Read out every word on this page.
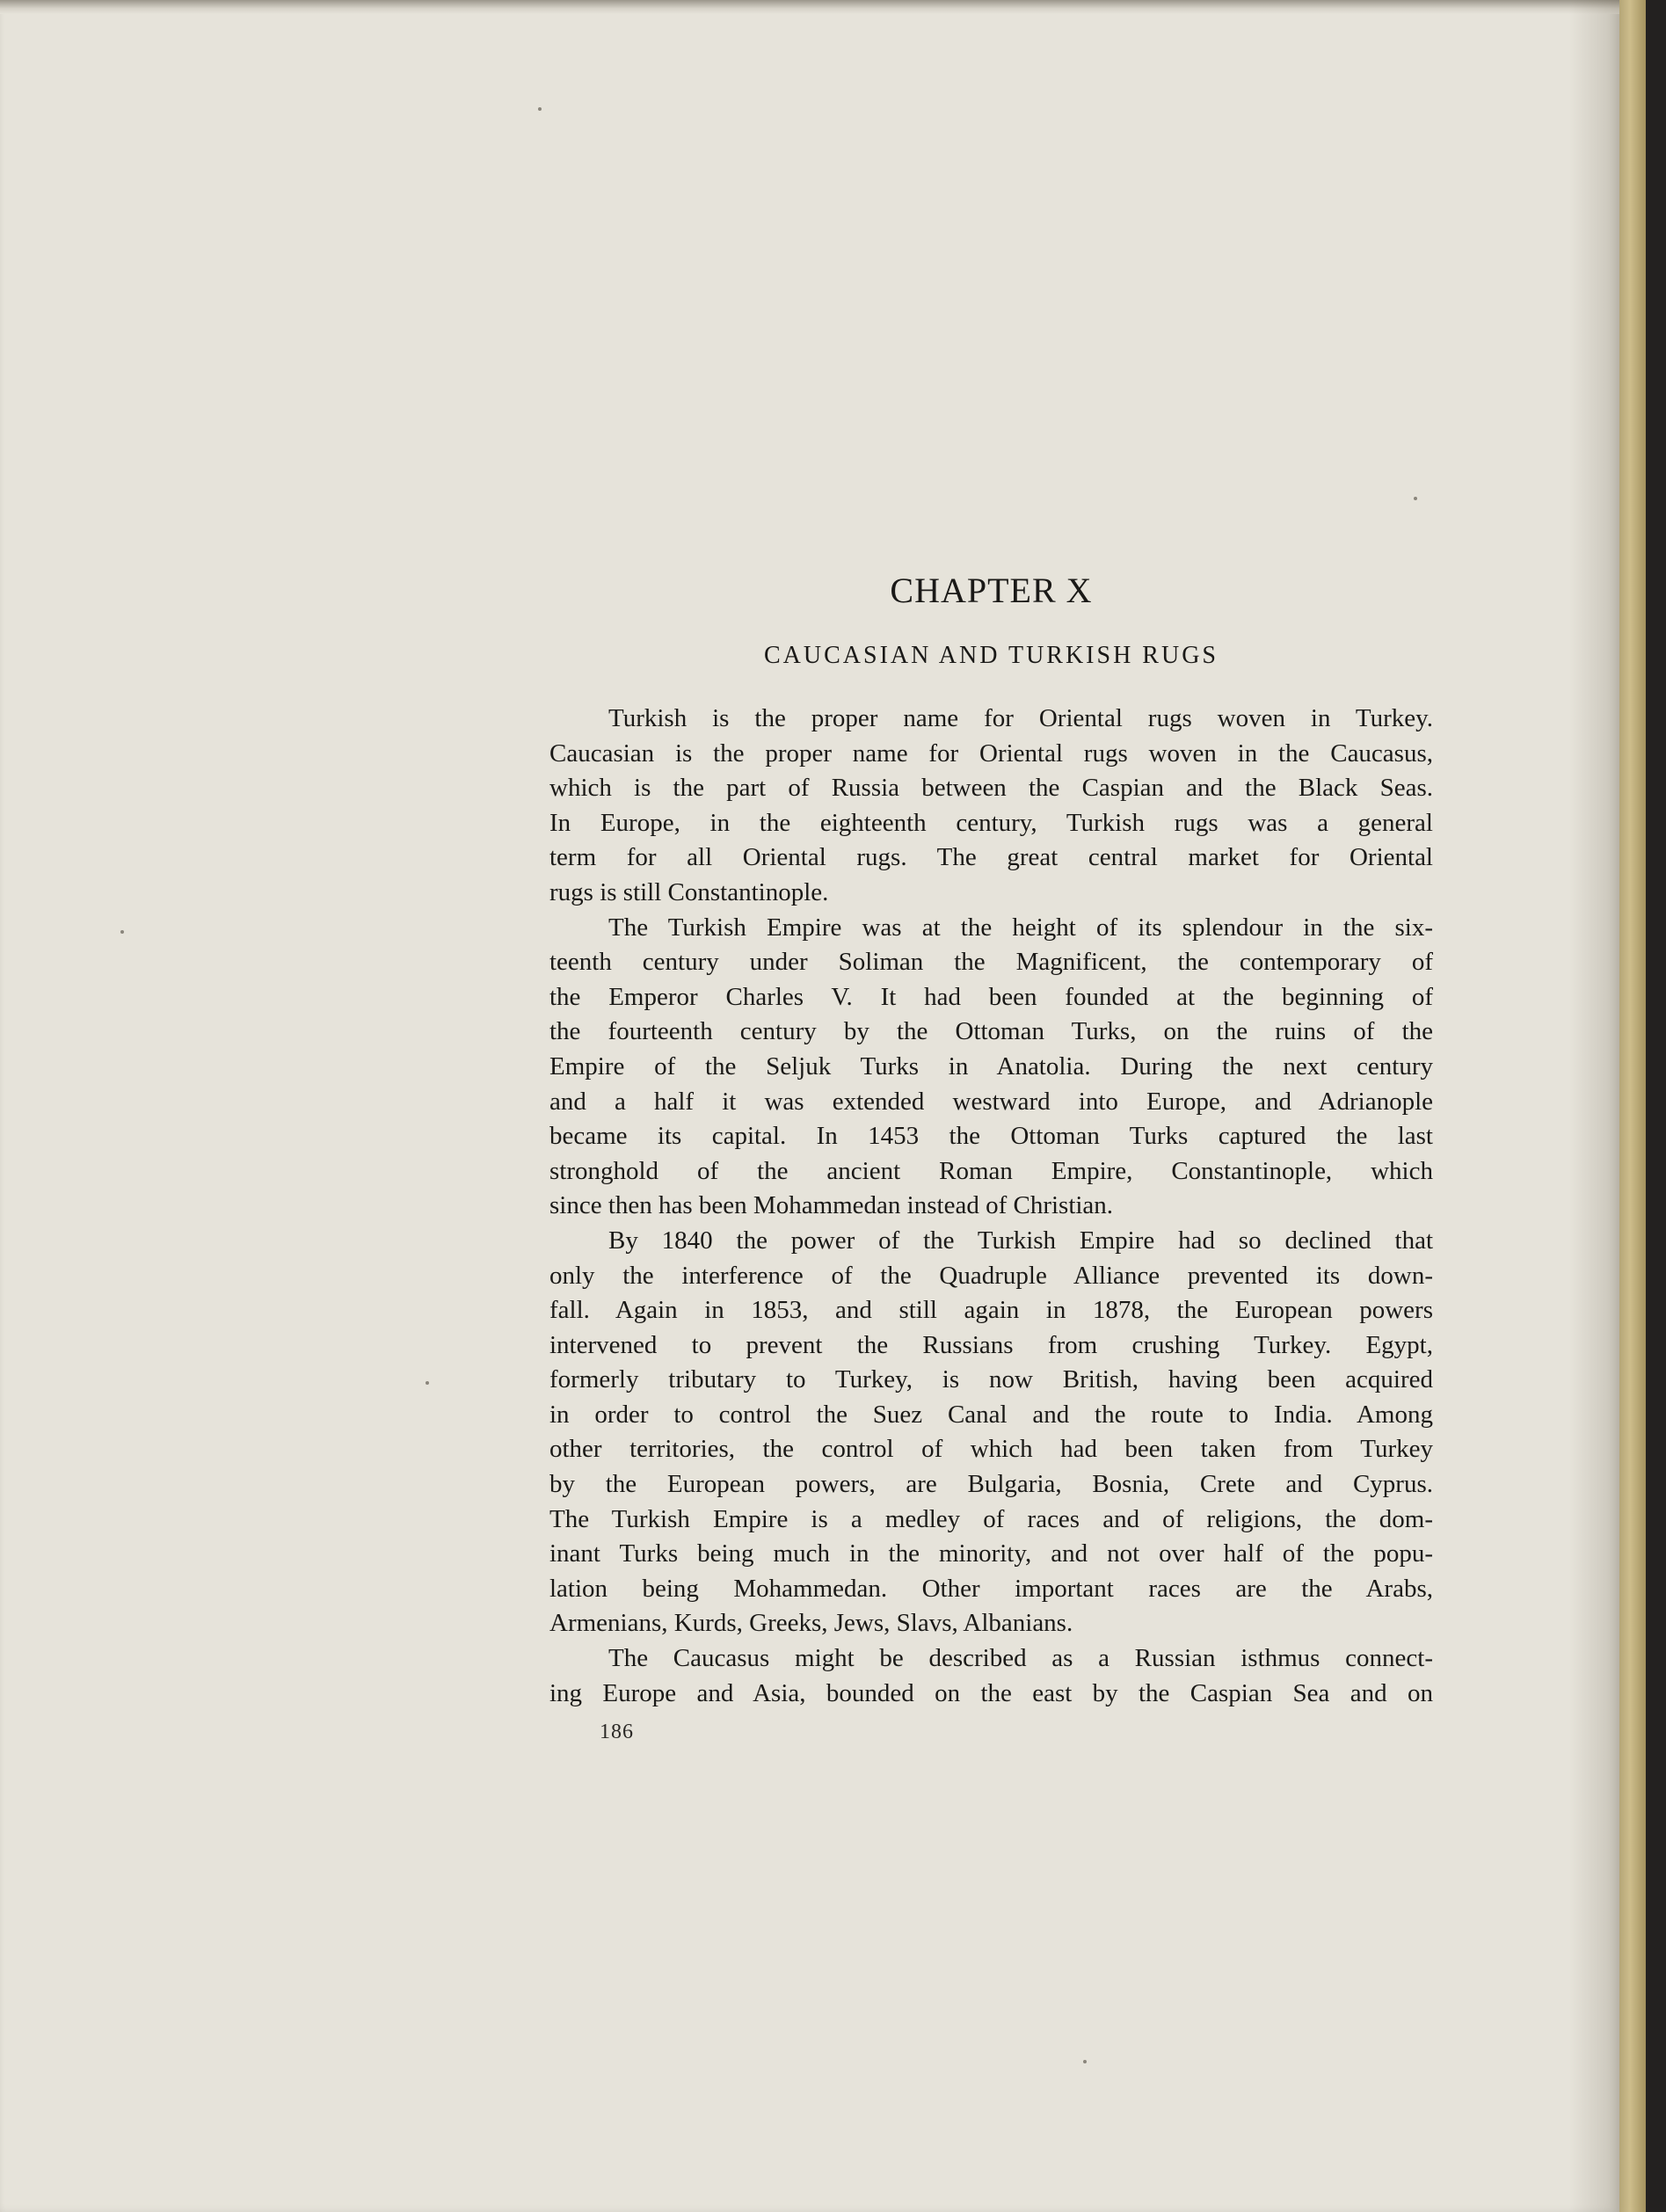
CHAPTER X
CAUCASIAN AND TURKISH RUGS
Turkish is the proper name for Oriental rugs woven in Turkey.
Caucasian is the proper name for Oriental rugs woven in the Caucasus,
which is the part of Russia between the Caspian and the Black Seas.
In Europe, in the eighteenth century, Turkish rugs was a general
term for all Oriental rugs. The great central market for Oriental
rugs is still Constantinople.
The Turkish Empire was at the height of its splendour in the six-
teenth century under Soliman the Magnificent, the contemporary of
the Emperor Charles V. It had been founded at the beginning of
the fourteenth century by the Ottoman Turks, on the ruins of the
Empire of the Seljuk Turks in Anatolia. During the next century
and a half it was extended westward into Europe, and Adrianople
became its capital. In 1453 the Ottoman Turks captured the last
stronghold of the ancient Roman Empire, Constantinople, which
since then has been Mohammedan instead of Christian.
By 1840 the power of the Turkish Empire had so declined that
only the interference of the Quadruple Alliance prevented its down-
fall. Again in 1853, and still again in 1878, the European powers
intervened to prevent the Russians from crushing Turkey. Egypt,
formerly tributary to Turkey, is now British, having been acquired
in order to control the Suez Canal and the route to India. Among
other territories, the control of which had been taken from Turkey
by the European powers, are Bulgaria, Bosnia, Crete and Cyprus.
The Turkish Empire is a medley of races and of religions, the dom-
inant Turks being much in the minority, and not over half of the popu-
lation being Mohammedan. Other important races are the Arabs,
Armenians, Kurds, Greeks, Jews, Slavs, Albanians.
The Caucasus might be described as a Russian isthmus connect-
ing Europe and Asia, bounded on the east by the Caspian Sea and on
186
